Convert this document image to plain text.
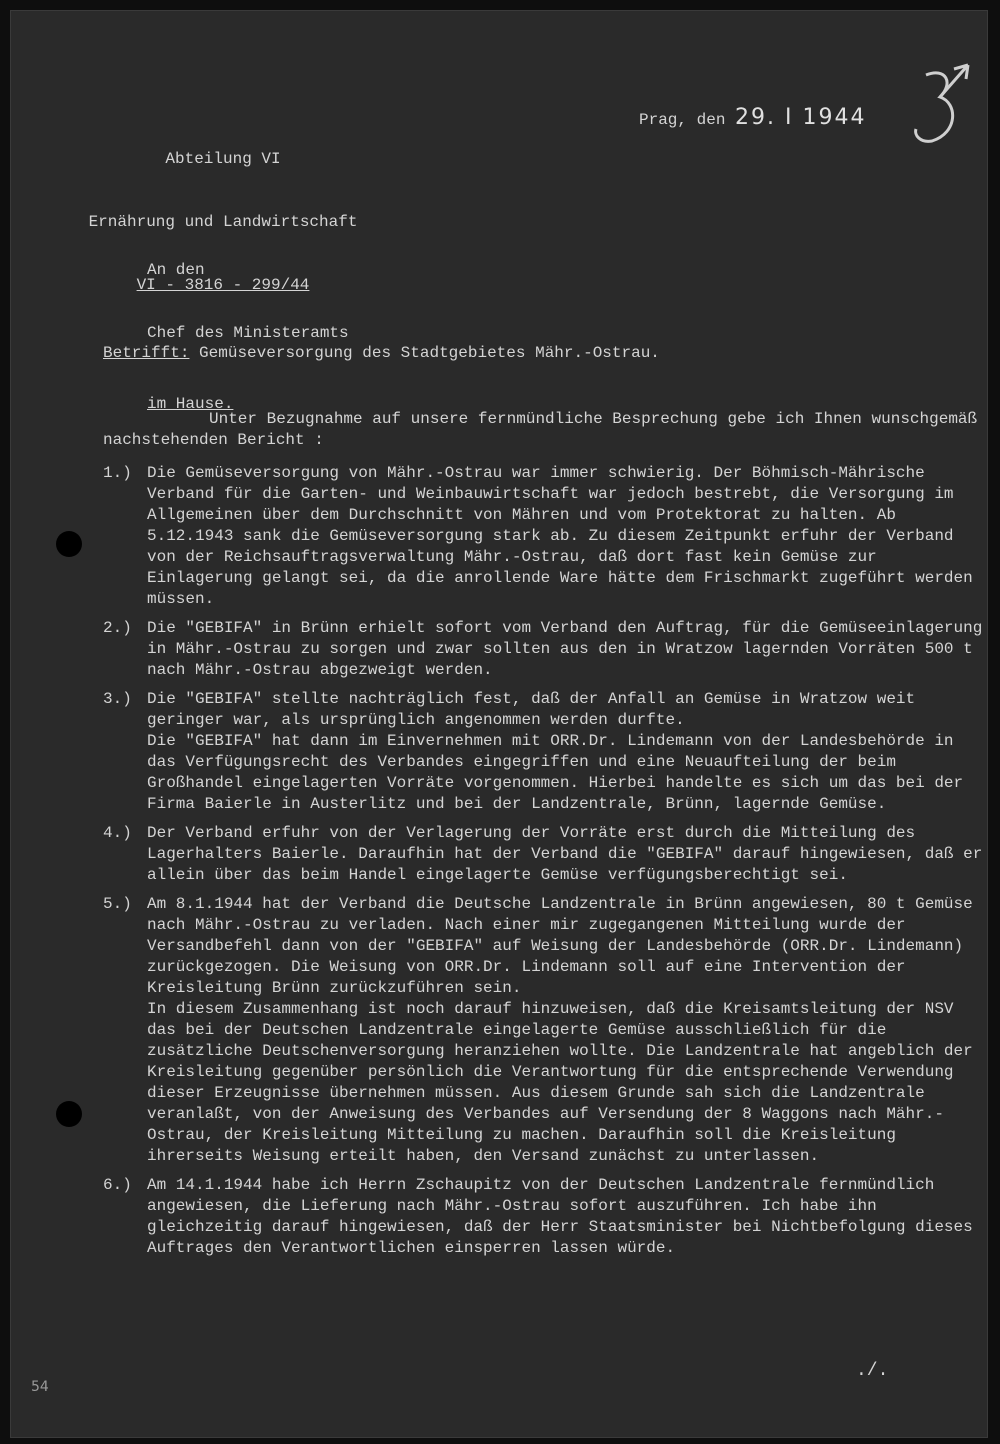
Abteilung VI

Ernährung und Landwirtschaft

VI - 3816 - 299/44

Prag, den 29. I 1944

An den

Chef des Ministeramts

im Hause.

Betrifft: Gemüseversorgung des Stadtgebietes Mähr.-Ostrau.

Unter Bezugnahme auf unsere fernmündliche Besprechung gebe ich Ihnen wunschgemäß nachstehenden Bericht :

1.) Die Gemüseversorgung von Mähr.-Ostrau war immer schwierig. Der Böhmisch-Mährische Verband für die Garten- und Weinbauwirtschaft war jedoch bestrebt, die Versorgung im Allgemeinen über dem Durchschnitt von Mähren und vom Protektorat zu halten. Ab 5.12.1943 sank die Gemüseversorgung stark ab. Zu diesem Zeitpunkt erfuhr der Verband von der Reichsauftragsverwaltung Mähr.-Ostrau, daß dort fast kein Gemüse zur Einlagerung gelangt sei, da die anrollende Ware hätte dem Frischmarkt zugeführt werden müssen.

2.) Die "GEBIFA" in Brünn erhielt sofort vom Verband den Auftrag, für die Gemüseeinlagerung in Mähr.-Ostrau zu sorgen und zwar sollten aus den in Wratzow lagernden Vorräten 500 t nach Mähr.-Ostrau abgezweigt werden.

3.) Die "GEBIFA" stellte nachträglich fest, daß der Anfall an Gemüse in Wratzow weit geringer war, als ursprünglich angenommen werden durfte.

Die "GEBIFA" hat dann im Einvernehmen mit ORR.Dr. Lindemann von der Landesbehörde in das Verfügungsrecht des Verbandes eingegriffen und eine Neuaufteilung der beim Großhandel eingelagerten Vorräte vorgenommen. Hierbei handelte es sich um das bei der Firma Baierle in Austerlitz und bei der Landzentrale, Brünn, lagernde Gemüse.

4.) Der Verband erfuhr von der Verlagerung der Vorräte erst durch die Mitteilung des Lagerhalters Baierle. Daraufhin hat der Verband die "GEBIFA" darauf hingewiesen, daß er allein über das beim Handel eingelagerte Gemüse verfügungsberechtigt sei.

5.) Am 8.1.1944 hat der Verband die Deutsche Landzentrale in Brünn angewiesen, 80 t Gemüse nach Mähr.-Ostrau zu verladen. Nach einer mir zugegangenen Mitteilung wurde der Versandbefehl dann von der "GEBIFA" auf Weisung der Landesbehörde (ORR.Dr. Lindemann) zurückgezogen. Die Weisung von ORR.Dr. Lindemann soll auf eine Intervention der Kreisleitung Brünn zurückzuführen sein.

In diesem Zusammenhang ist noch darauf hinzuweisen, daß die Kreisamtsleitung der NSV das bei der Deutschen Landzentrale eingelagerte Gemüse ausschließlich für die zusätzliche Deutschenversorgung heranziehen wollte. Die Landzentrale hat angeblich der Kreisleitung gegenüber persönlich die Verantwortung für die entsprechende Verwendung dieser Erzeugnisse übernehmen müssen. Aus diesem Grunde sah sich die Landzentrale veranlaßt, von der Anweisung des Verbandes auf Versendung der 8 Waggons nach Mähr.-Ostrau, der Kreisleitung Mitteilung zu machen. Daraufhin soll die Kreisleitung ihrerseits Weisung erteilt haben, den Versand zunächst zu unterlassen.

6.) Am 14.1.1944 habe ich Herrn Zschaupitz von der Deutschen Landzentrale fernmündlich angewiesen, die Lieferung nach Mähr.-Ostrau sofort auszuführen. Ich habe ihn gleichzeitig darauf hingewiesen, daß der Herr Staatsminister bei Nichtbefolgung dieses Auftrages den Verantwortlichen einsperren lassen würde.

./.
54
